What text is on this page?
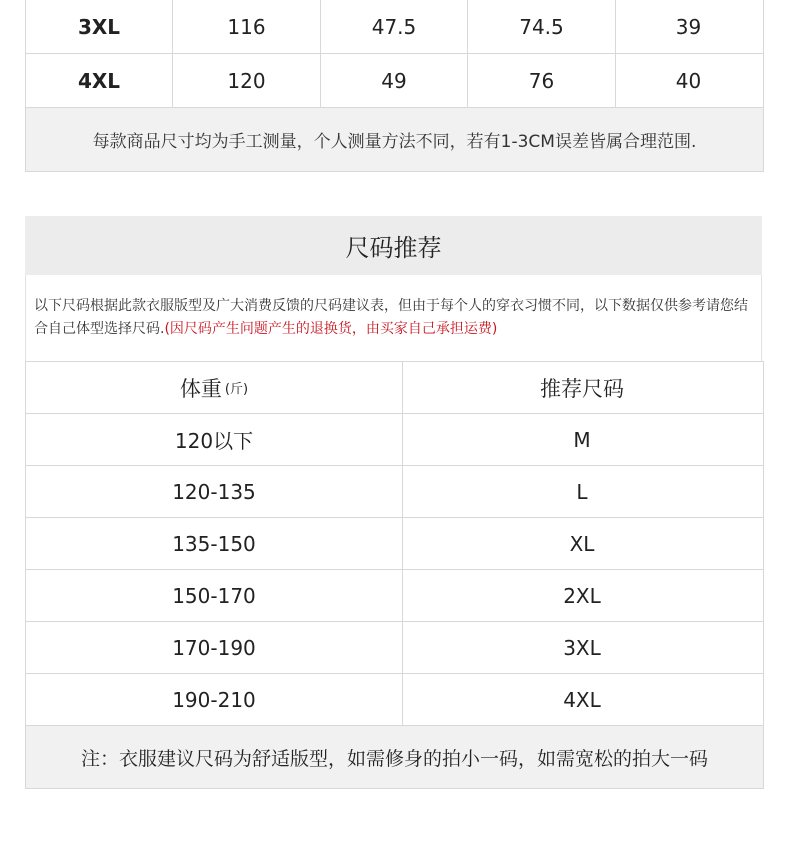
3XL	116	47.5	74.5	39
4XL	120	49	76	40
每款商品尺寸均为手工测量，个人测量方法不同，若有1-3CM误差皆属合理范围.
尺码推荐
以下尺码根据此款衣服版型及广大消费反馈的尺码建议表，但由于每个人的穿衣习惯不同，以下数据仅供参考请您结合自己体型选择尺码.(因尺码产生问题产生的退换货，由买家自己承担运费)
体重 (斤)	推荐尺码
120以下	M
120-135	L
135-150	XL
150-170	2XL
170-190	3XL
190-210	4XL
注：衣服建议尺码为舒适版型，如需修身的拍小一码，如需宽松的拍大一码
